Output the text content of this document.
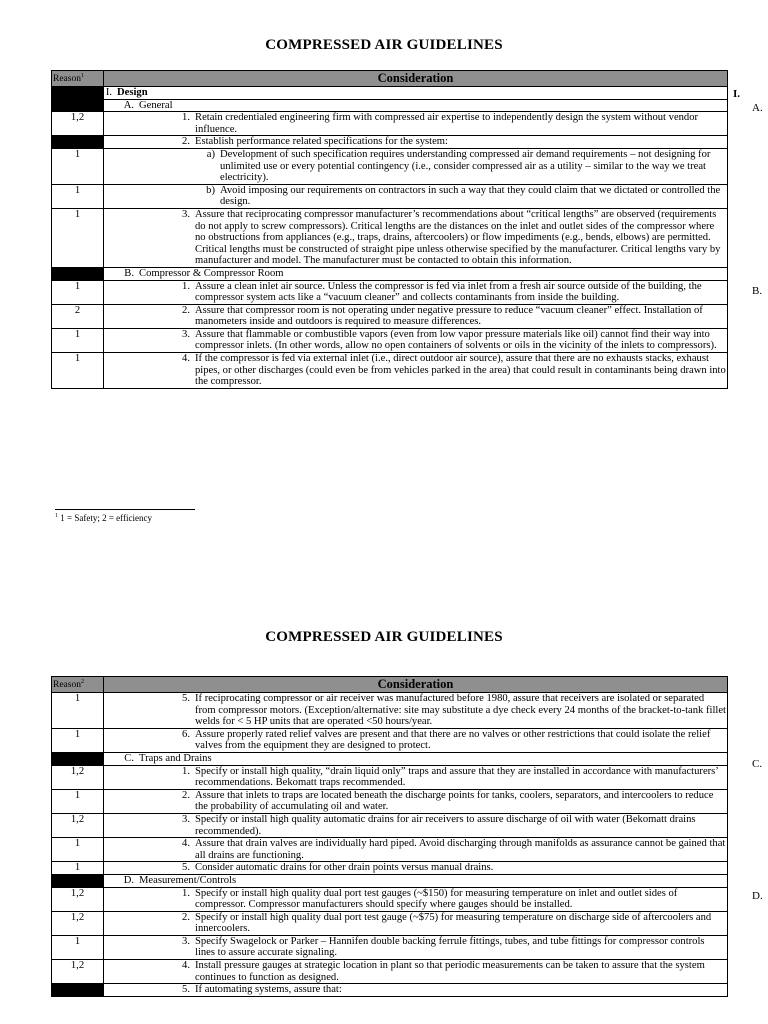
COMPRESSED AIR GUIDELINES
Reason$^1$	Consideration

	I. Design

	A. General

1,2	1. Retain credentialed engineering firm with compressed air expertise to independently design the system without vendor influence.

	2. Establish performance related specifications for the system:

1	a) Development of such specification requires understanding compressed air demand requirements – not designing for unlimited use or every potential contingency (i.e., consider compressed air as a utility – similar to the way we treat electricity).

1	b) Avoid imposing our requirements on contractors in such a way that they could claim that we dictated or controlled the design.

1	3. Assure that reciprocating compressor manufacturer’s recommendations about “critical lengths” are observed (requirements do not apply to screw compressors). Critical lengths are the distances on the inlet and outlet sides of the compressor where no obstructions from appliances (e.g., traps, drains, aftercoolers) or flow impediments (e.g., bends, elbows) are permitted. Critical lengths must be constructed of straight pipe unless otherwise specified by the manufacturer. Critical lengths vary by manufacturer and model. The manufacturer must be contacted to obtain this information.

	B. Compressor & Compressor Room

1	1. Assure a clean inlet air source. Unless the compressor is fed via inlet from a fresh air source outside of the building, the compressor system acts like a “vacuum cleaner” and collects contaminants from inside the building.

2	2. Assure that compressor room is not operating under negative pressure to reduce “vacuum cleaner” effect. Installation of manometers inside and outdoors is required to measure differences.

1	3. Assure that flammable or combustible vapors (even from low vapor pressure materials like oil) cannot find their way into compressor inlets. (In other words, allow no open containers of solvents or oils in the vicinity of the inlets to compressors).

1	4. If the compressor is fed via external inlet (i.e., direct outdoor air source), assure that there are no exhausts stacks, exhaust pipes, or other discharges (could even be from vehicles parked in the area) that could result in contaminants being drawn into the compressor.
I.
A.
B.
$^1$ 1 = Safety; 2 = efficiency
COMPRESSED AIR GUIDELINES
Reason$^2$	Consideration
1	5. If reciprocating compressor or air receiver was manufactured before 1980, assure that receivers are isolated or separated from compressor motors. (Exception/alternative: site may substitute a dye check every 24 months of the bracket-to-tank fillet welds for < 5 HP units that are operated <50 hours/year.

1	6. Assure properly rated relief valves are present and that there are no valves or other restrictions that could isolate the relief valves from the equipment they are designed to protect.

	C. Traps and Drains

1,2	1. Specify or install high quality, “drain liquid only” traps and assure that they are installed in accordance with manufacturers’ recommendations. Bekomatt traps recommended.

1	2. Assure that inlets to traps are located beneath the discharge points for tanks, coolers, separators, and intercoolers to reduce the probability of accumulating oil and water.

1,2	3. Specify or install high quality automatic drains for air receivers to assure discharge of oil with water (Bekomatt drains recommended).

1	4. Assure that drain valves are individually hard piped. Avoid discharging through manifolds as assurance cannot be gained that all drains are functioning.

1	5. Consider automatic drains for other drain points versus manual drains.

	D. Measurement/Controls

1,2	1. Specify or install high quality dual port test gauges (~$150) for measuring temperature on inlet and outlet sides of compressor. Compressor manufacturers should specify where gauges should be installed.

1,2	2. Specify or install high quality dual port test gauge (~$75) for measuring temperature on discharge side of aftercoolers and innercoolers.

1	3. Specify Swagelock or Parker – Hannifen double backing ferrule fittings, tubes, and tube fittings for compressor controls lines to assure accurate signaling.

1,2	4. Install pressure gauges at strategic location in plant so that periodic measurements can be taken to assure that the system continues to function as designed.

	5. If automating systems, assure that:
C.
D.
